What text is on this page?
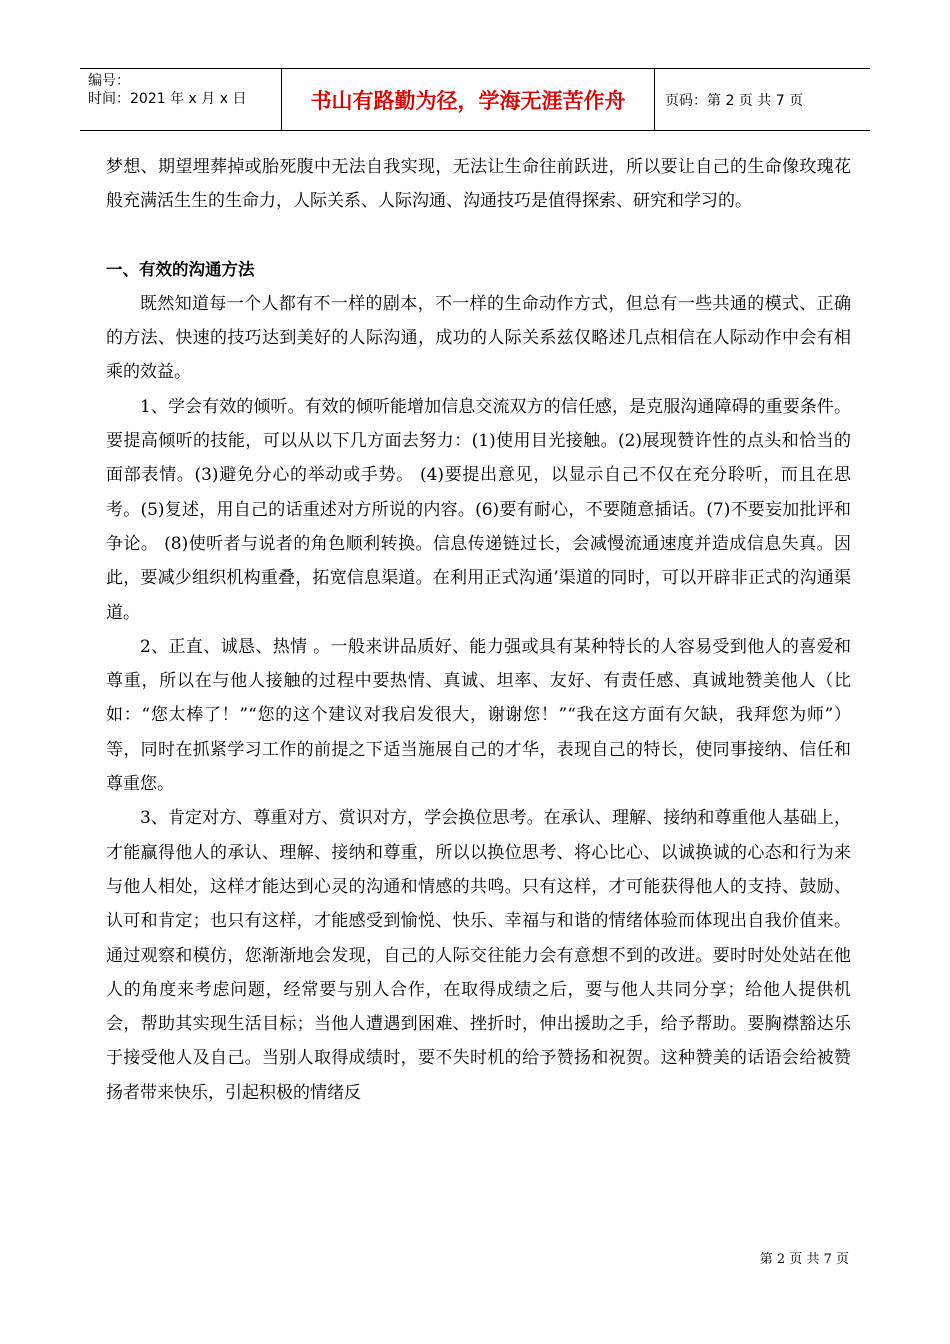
编号：
时间：2021 年 x 月 x 日	书山有路勤为径，学海无涯苦作舟	页码：第 2 页 共 7 页

梦想、期望埋葬掉或胎死腹中无法自我实现，无法让生命往前跃进，所以要让自己的生命像玫瑰花般充满活生生的生命力，人际关系、人际沟通、沟通技巧是值得探索、研究和学习的。

一、有效的沟通方法

既然知道每一个人都有不一样的剧本，不一样的生命动作方式，但总有一些共通的模式、正确的方法、快速的技巧达到美好的人际沟通，成功的人际关系兹仅略述几点相信在人际动作中会有相乘的效益。

1、学会有效的倾听。有效的倾听能增加信息交流双方的信任感，是克服沟通障碍的重要条件。要提高倾听的技能，可以从以下几方面去努力：(1)使用目光接触。(2)展现赞许性的点头和恰当的面部表情。(3)避免分心的举动或手势。 (4)要提出意见，以显示自己不仅在充分聆听，而且在思考。(5)复述，用自己的话重述对方所说的内容。(6)要有耐心，不要随意插话。(7)不要妄加批评和争论。 (8)使听者与说者的角色顺利转换。信息传递链过长，会减慢流通速度并造成信息失真。因此，要减少组织机构重叠，拓宽信息渠道。在利用正式沟通’渠道的同时，可以开辟非正式的沟通渠道。

2、正直、诚恳、热情 。一般来讲品质好、能力强或具有某种特长的人容易受到他人的喜爱和尊重，所以在与他人接触的过程中要热情、真诚、坦率、友好、有责任感、真诚地赞美他人（比如：“您太棒了！”“您的这个建议对我启发很大，谢谢您！”“我在这方面有欠缺，我拜您为师”）等，同时在抓紧学习工作的前提之下适当施展自己的才华，表现自己的特长，使同事接纳、信任和尊重您。

3、肯定对方、尊重对方、赏识对方，学会换位思考。在承认、理解、接纳和尊重他人基础上，才能赢得他人的承认、理解、接纳和尊重，所以以换位思考、将心比心、以诚换诚的心态和行为来与他人相处，这样才能达到心灵的沟通和情感的共鸣。只有这样，才可能获得他人的支持、鼓励、认可和肯定；也只有这样，才能感受到愉悦、快乐、幸福与和谐的情绪体验而体现出自我价值来。通过观察和模仿，您渐渐地会发现，自己的人际交往能力会有意想不到的改进。要时时处处站在他人的角度来考虑问题，经常要与别人合作，在取得成绩之后，要与他人共同分享；给他人提供机会，帮助其实现生活目标；当他人遭遇到困难、挫折时，伸出援助之手，给予帮助。要胸襟豁达乐于接受他人及自己。当别人取得成绩时，要不失时机的给予赞扬和祝贺。这种赞美的话语会给被赞扬者带来快乐，引起积极的情绪反

第 2 页 共 7 页
